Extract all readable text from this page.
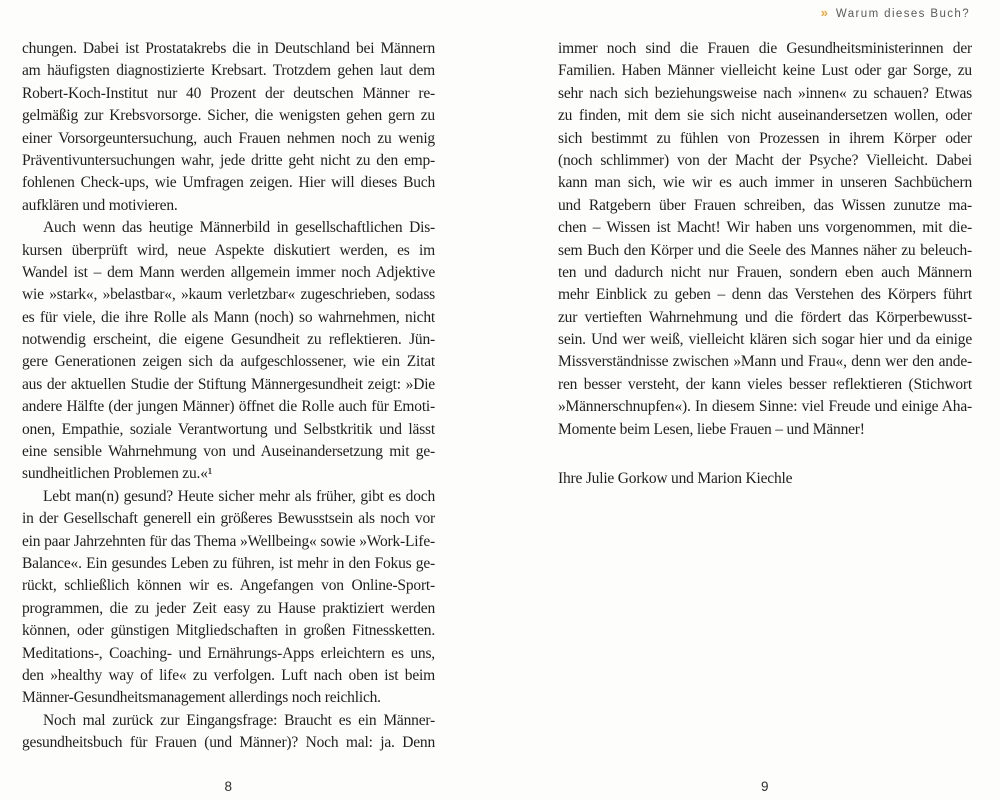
» Warum dieses Buch?
chungen. Dabei ist Prostatakrebs die in Deutschland bei Männern
am häufigsten diagnostizierte Krebsart. Trotzdem gehen laut dem
Robert-Koch-Institut nur 40 Prozent der deutschen Männer re-
gelmäßig zur Krebsvorsorge. Sicher, die wenigsten gehen gern zu
einer Vorsorgeuntersuchung, auch Frauen nehmen noch zu wenig
Präventivuntersuchungen wahr, jede dritte geht nicht zu den emp-
fohlenen Check-ups, wie Umfragen zeigen. Hier will dieses Buch
aufklären und motivieren.
Auch wenn das heutige Männerbild in gesellschaftlichen Dis-
kursen überprüft wird, neue Aspekte diskutiert werden, es im
Wandel ist – dem Mann werden allgemein immer noch Adjektive
wie »stark«, »belastbar«, »kaum verletzbar« zugeschrieben, sodass
es für viele, die ihre Rolle als Mann (noch) so wahrnehmen, nicht
notwendig erscheint, die eigene Gesundheit zu reflektieren. Jün-
gere Generationen zeigen sich da aufgeschlossener, wie ein Zitat
aus der aktuellen Studie der Stiftung Männergesundheit zeigt: »Die
andere Hälfte (der jungen Männer) öffnet die Rolle auch für Emoti-
onen, Empathie, soziale Verantwortung und Selbstkritik und lässt
eine sensible Wahrnehmung von und Auseinandersetzung mit ge-
sundheitlichen Problemen zu.«¹
Lebt man(n) gesund? Heute sicher mehr als früher, gibt es doch
in der Gesellschaft generell ein größeres Bewusstsein als noch vor
ein paar Jahrzehnten für das Thema »Wellbeing« sowie »Work-Life-
Balance«. Ein gesundes Leben zu führen, ist mehr in den Fokus ge-
rückt, schließlich können wir es. Angefangen von Online-Sport-
programmen, die zu jeder Zeit easy zu Hause praktiziert werden
können, oder günstigen Mitgliedschaften in großen Fitnessketten.
Meditations-, Coaching- und Ernährungs-Apps erleichtern es uns,
den »healthy way of life« zu verfolgen. Luft nach oben ist beim
Männer-Gesundheitsmanagement allerdings noch reichlich.
Noch mal zurück zur Eingangsfrage: Braucht es ein Männer-
gesundheitsbuch für Frauen (und Männer)? Noch mal: ja. Denn
8
immer noch sind die Frauen die Gesundheitsministerinnen der
Familien. Haben Männer vielleicht keine Lust oder gar Sorge, zu
sehr nach sich beziehungsweise nach »innen« zu schauen? Etwas
zu finden, mit dem sie sich nicht auseinandersetzen wollen, oder
sich bestimmt zu fühlen von Prozessen in ihrem Körper oder
(noch schlimmer) von der Macht der Psyche? Vielleicht. Dabei
kann man sich, wie wir es auch immer in unseren Sachbüchern
und Ratgebern über Frauen schreiben, das Wissen zunutze ma-
chen – Wissen ist Macht! Wir haben uns vorgenommen, mit die-
sem Buch den Körper und die Seele des Mannes näher zu beleuch-
ten und dadurch nicht nur Frauen, sondern eben auch Männern
mehr Einblick zu geben – denn das Verstehen des Körpers führt
zur vertieften Wahrnehmung und die fördert das Körperbewusst-
sein. Und wer weiß, vielleicht klären sich sogar hier und da einige
Missverständnisse zwischen »Mann und Frau«, denn wer den ande-
ren besser versteht, der kann vieles besser reflektieren (Stichwort
»Männerschnupfen«). In diesem Sinne: viel Freude und einige Aha-
Momente beim Lesen, liebe Frauen – und Männer!
Ihre Julie Gorkow und Marion Kiechle
9
